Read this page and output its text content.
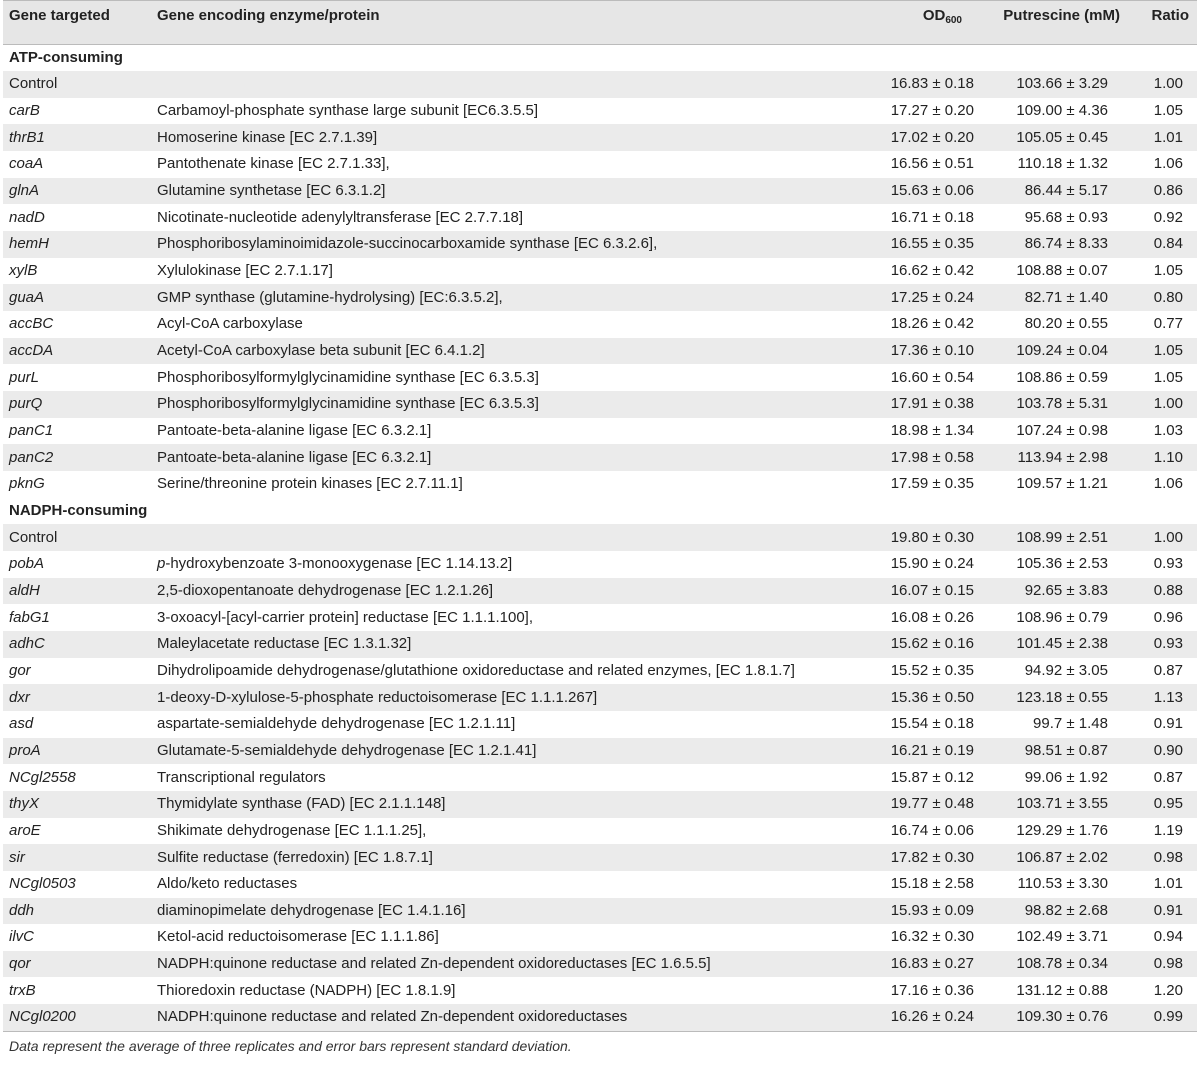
Gene targeted	Gene encoding enzyme/protein	$OD_{600}$	Putrescine (mM)	Ratio
ATP-consuming				
Control		16.83 ± 0.18	103.66 ± 3.29	1.00
carB	Carbamoyl-phosphate synthase large subunit [EC6.3.5.5]	17.27 ± 0.20	109.00 ± 4.36	1.05
thrB1	Homoserine kinase [EC 2.7.1.39]	17.02 ± 0.20	105.05 ± 0.45	1.01
coaA	Pantothenate kinase [EC 2.7.1.33],	16.56 ± 0.51	110.18 ± 1.32	1.06
glnA	Glutamine synthetase [EC 6.3.1.2]	15.63 ± 0.06	86.44 ± 5.17	0.86
nadD	Nicotinate-nucleotide adenylyltransferase [EC 2.7.7.18]	16.71 ± 0.18	95.68 ± 0.93	0.92
hemH	Phosphoribosylaminoimidazole-succinocarboxamide synthase [EC 6.3.2.6],	16.55 ± 0.35	86.74 ± 8.33	0.84
xylB	Xylulokinase [EC 2.7.1.17]	16.62 ± 0.42	108.88 ± 0.07	1.05
guaA	GMP synthase (glutamine-hydrolysing) [EC:6.3.5.2],	17.25 ± 0.24	82.71 ± 1.40	0.80
accBC	Acyl-CoA carboxylase	18.26 ± 0.42	80.20 ± 0.55	0.77
accDA	Acetyl-CoA carboxylase beta subunit [EC 6.4.1.2]	17.36 ± 0.10	109.24 ± 0.04	1.05
purL	Phosphoribosylformylglycinamidine synthase [EC 6.3.5.3]	16.60 ± 0.54	108.86 ± 0.59	1.05
purQ	Phosphoribosylformylglycinamidine synthase [EC 6.3.5.3]	17.91 ± 0.38	103.78 ± 5.31	1.00
panC1	Pantoate-beta-alanine ligase [EC 6.3.2.1]	18.98 ± 1.34	107.24 ± 0.98	1.03
panC2	Pantoate-beta-alanine ligase [EC 6.3.2.1]	17.98 ± 0.58	113.94 ± 2.98	1.10
pknG	Serine/threonine protein kinases [EC 2.7.11.1]	17.59 ± 0.35	109.57 ± 1.21	1.06
NADPH-consuming				
Control		19.80 ± 0.30	108.99 ± 2.51	1.00
pobA	p-hydroxybenzoate 3-monooxygenase [EC 1.14.13.2]	15.90 ± 0.24	105.36 ± 2.53	0.93
aldH	2,5-dioxopentanoate dehydrogenase [EC 1.2.1.26]	16.07 ± 0.15	92.65 ± 3.83	0.88
fabG1	3-oxoacyl-[acyl-carrier protein] reductase [EC 1.1.1.100],	16.08 ± 0.26	108.96 ± 0.79	0.96
adhC	Maleylacetate reductase [EC 1.3.1.32]	15.62 ± 0.16	101.45 ± 2.38	0.93
gor	Dihydrolipoamide dehydrogenase/glutathione oxidoreductase and related enzymes, [EC 1.8.1.7]	15.52 ± 0.35	94.92 ± 3.05	0.87
dxr	1-deoxy-D-xylulose-5-phosphate reductoisomerase [EC 1.1.1.267]	15.36 ± 0.50	123.18 ± 0.55	1.13
asd	aspartate-semialdehyde dehydrogenase [EC 1.2.1.11]	15.54 ± 0.18	99.7 ± 1.48	0.91
proA	Glutamate-5-semialdehyde dehydrogenase [EC 1.2.1.41]	16.21 ± 0.19	98.51 ± 0.87	0.90
NCgl2558	Transcriptional regulators	15.87 ± 0.12	99.06 ± 1.92	0.87
thyX	Thymidylate synthase (FAD) [EC 2.1.1.148]	19.77 ± 0.48	103.71 ± 3.55	0.95
aroE	Shikimate dehydrogenase [EC 1.1.1.25],	16.74 ± 0.06	129.29 ± 1.76	1.19
sir	Sulfite reductase (ferredoxin) [EC 1.8.7.1]	17.82 ± 0.30	106.87 ± 2.02	0.98
NCgl0503	Aldo/keto reductases	15.18 ± 2.58	110.53 ± 3.30	1.01
ddh	diaminopimelate dehydrogenase [EC 1.4.1.16]	15.93 ± 0.09	98.82 ± 2.68	0.91
ilvC	Ketol-acid reductoisomerase [EC 1.1.1.86]	16.32 ± 0.30	102.49 ± 3.71	0.94
qor	NADPH:quinone reductase and related Zn-dependent oxidoreductases [EC 1.6.5.5]	16.83 ± 0.27	108.78 ± 0.34	0.98
trxB	Thioredoxin reductase (NADPH) [EC 1.8.1.9]	17.16 ± 0.36	131.12 ± 0.88	1.20
NCgl0200	NADPH:quinone reductase and related Zn-dependent oxidoreductases	16.26 ± 0.24	109.30 ± 0.76	0.99
Data represent the average of three replicates and error bars represent standard deviation.
